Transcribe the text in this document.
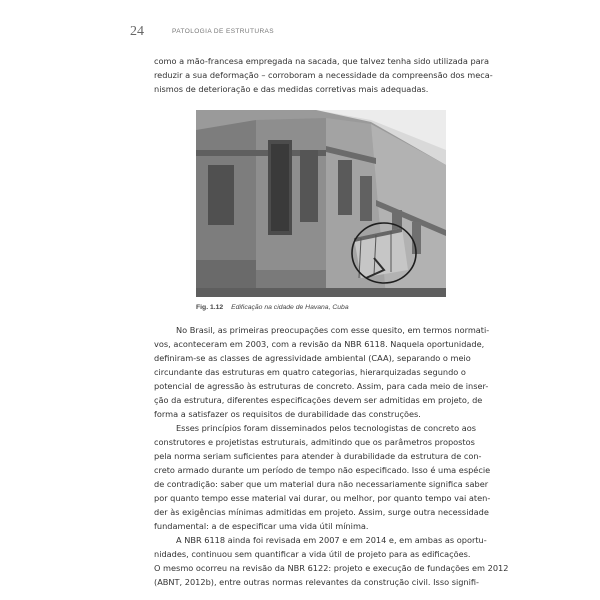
24	PATOLOGIA DE ESTRUTURAS

como a mão-francesa empregada na sacada, que talvez tenha sido utilizada para
reduzir a sua deformação – corroboram a necessidade da compreensão dos meca-
nismos de deterioração e das medidas corretivas mais adequadas.

Fig. 1.12 Edificação na cidade de Havana, Cuba

No Brasil, as primeiras preocupações com esse quesito, em termos normati-
vos, aconteceram em 2003, com a revisão da NBR 6118. Naquela oportunidade,
definiram-se as classes de agressividade ambiental (CAA), separando o meio
circundante das estruturas em quatro categorias, hierarquizadas segundo o
potencial de agressão às estruturas de concreto. Assim, para cada meio de inser-
ção da estrutura, diferentes especificações devem ser admitidas em projeto, de
forma a satisfazer os requisitos de durabilidade das construções.

Esses princípios foram disseminados pelos tecnologistas de concreto aos
construtores e projetistas estruturais, admitindo que os parâmetros propostos
pela norma seriam suficientes para atender à durabilidade da estrutura de con-
creto armado durante um período de tempo não especificado. Isso é uma espécie
de contradição: saber que um material dura não necessariamente significa saber
por quanto tempo esse material vai durar, ou melhor, por quanto tempo vai aten-
der às exigências mínimas admitidas em projeto. Assim, surge outra necessidade
fundamental: a de especificar uma vida útil mínima.

A NBR 6118 ainda foi revisada em 2007 e em 2014 e, em ambas as oportu-
nidades, continuou sem quantificar a vida útil de projeto para as edificações.
O mesmo ocorreu na revisão da NBR 6122: projeto e execução de fundações em 2012
(ABNT, 2012b), entre outras normas relevantes da construção civil. Isso signifi-
